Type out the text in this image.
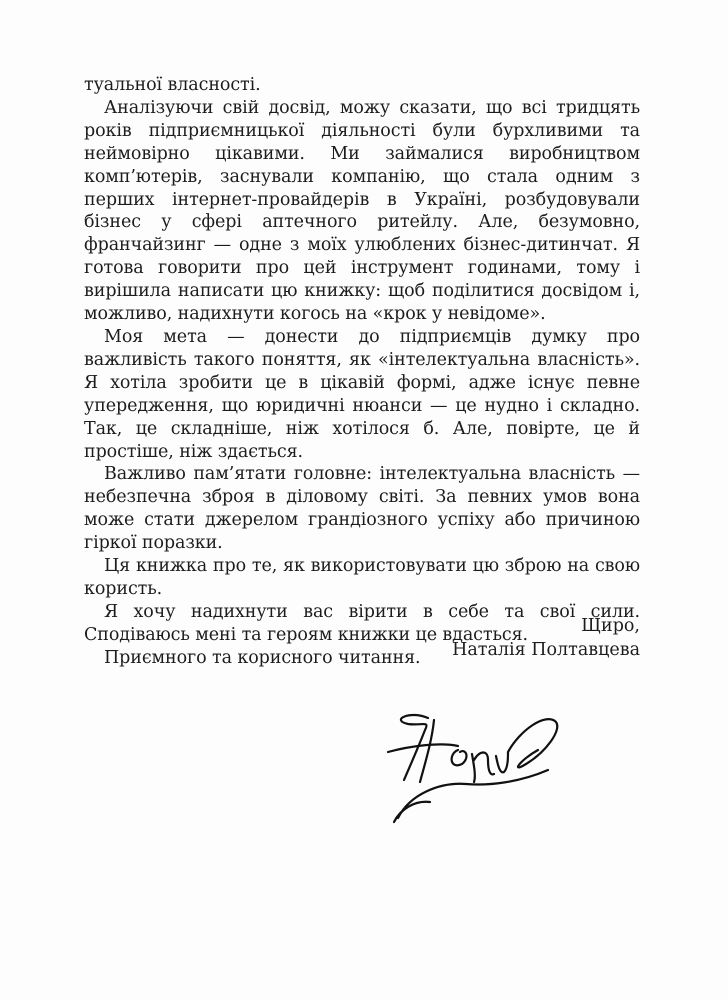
туальної власності.

Аналізуючи свій досвід, можу сказати, що всі тридцять років підприємницької діяльності були бурхливими та неймовірно цікавими. Ми займалися виробництвом комп’ютерів, заснували компанію, що стала одним з перших інтернет-провайдерів в Україні, розбудовували бізнес у сфері аптечного ритейлу. Але, безумовно, франчайзинг — одне з моїх улюблених бізнес-дитинчат. Я готова говорити про цей інструмент годинами, тому і вирішила написати цю книжку: щоб поділитися досвідом і, можливо, надихнути когось на «крок у невідоме».

Моя мета — донести до підприємців думку про важливість такого поняття, як «інтелектуальна власність». Я хотіла зробити це в цікавій формі, адже існує певне упередження, що юридичні нюанси — це нудно і складно. Так, це складніше, ніж хотілося б. Але, повірте, це й простіше, ніж здається.

Важливо пам’ятати головне: інтелектуальна власність — небезпечна зброя в діловому світі. За певних умов вона може стати джерелом грандіозного успіху або причиною гіркої поразки.

Ця книжка про те, як використовувати цю зброю на свою користь.

Я хочу надихнути вас вірити в себе та свої сили. Сподіваюсь мені та героям книжки це вдасться.

Приємного та корисного читання.

Щиро,
Наталія Полтавцева
